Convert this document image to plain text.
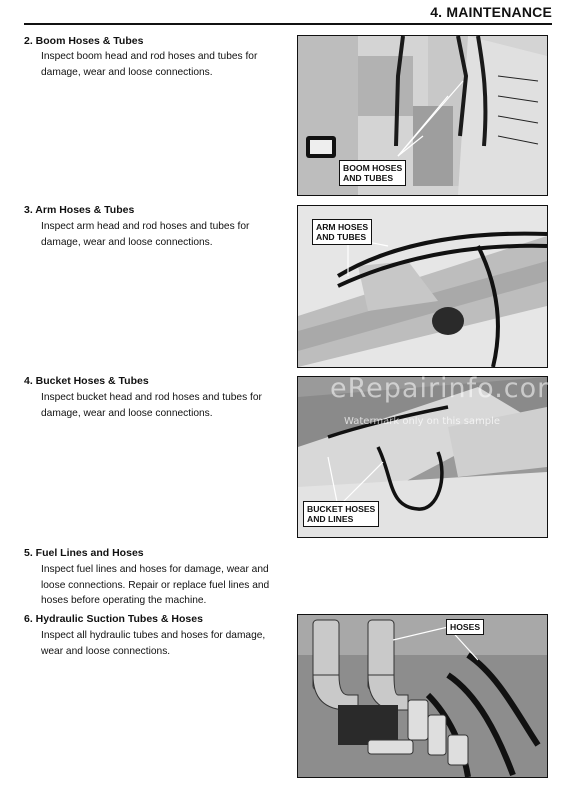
4. MAINTENANCE
2. Boom Hoses & Tubes
Inspect boom head and rod hoses and tubes for damage, wear and loose connections.
BOOM HOSES
AND TUBES
3. Arm Hoses & Tubes
Inspect arm head and rod hoses and tubes for damage, wear and loose connections.
ARM HOSES
AND TUBES
4. Bucket Hoses & Tubes
Inspect bucket head and rod hoses and tubes for damage, wear and loose connections.
BUCKET HOSES
AND LINES
eRepairinfo.com
Watermark only on this sample
5. Fuel Lines and Hoses
Inspect fuel lines and hoses for damage, wear and loose connections. Repair or replace fuel lines and hoses before operating the machine.
6. Hydraulic Suction Tubes & Hoses
Inspect all hydraulic tubes and hoses for damage, wear and loose connections.
HOSES
